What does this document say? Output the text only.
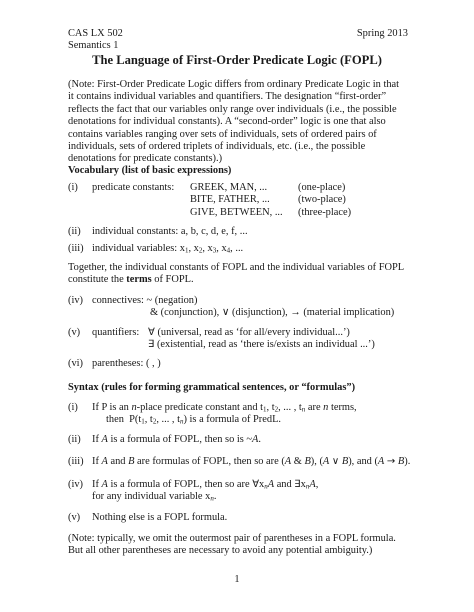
CAS LX 502
Semantics 1
Spring 2013
The Language of First-Order Predicate Logic (FOPL)
(Note: First-Order Predicate Logic differs from ordinary Predicate Logic in that
it contains individual variables and quantifiers. The designation “first-order”
reflects the fact that our variables only range over individuals (i.e., the possible
denotations for individual constants). A “second-order” logic is one that also
contains variables ranging over sets of individuals, sets of ordered pairs of
individuals, sets of ordered triplets of individuals, etc. (i.e., the possible
denotations for predicate constants).)
Vocabulary (list of basic expressions)
(i) predicate constants: GREEK, MAN, ...	(one-place)
BITE, FATHER, ...	(two-place)
GIVE, BETWEEN, ... (three-place)
(ii) individual constants: a, b, c, d, e, f, ...
(iii) individual variables: $x_1$, $x_2$, $x_3$, $x_4$, ...
Together, the individual constants of FOPL and the individual variables of FOPL
constitute the terms of FOPL.
(iv) connectives: ~ (negation)
& (conjunction), ∨ (disjunction), → (material implication)
(v) quantifiers: ∀ (universal, read as ‘for all/every individual...’)
∃ (existential, read as ‘there is/exists an individual ...’)
(vi) parentheses: ( , )
Syntax (rules for forming grammatical sentences, or “formulas”)
(i) If P is an n-place predicate constant and $t_1$, $t_2$, ... , $t_n$ are n terms,
then  $P(t_1$, $t_2$, ... , $t_n$) is a formula of PredL.
(ii) If A is a formula of FOPL, then so is ~A.
(iii) If A and B are formulas of FOPL, then so are (A & B), (A ∨ B), and (A → B).
(iv) If A is a formula of FOPL, then so are $\forall x_nA$ and $\exists x_nA$,
for any individual variable $x_n$.
(v) Nothing else is a FOPL formula.
(Note: typically, we omit the outermost pair of parentheses in a FOPL formula.
But all other parentheses are necessary to avoid any potential ambiguity.)
1
